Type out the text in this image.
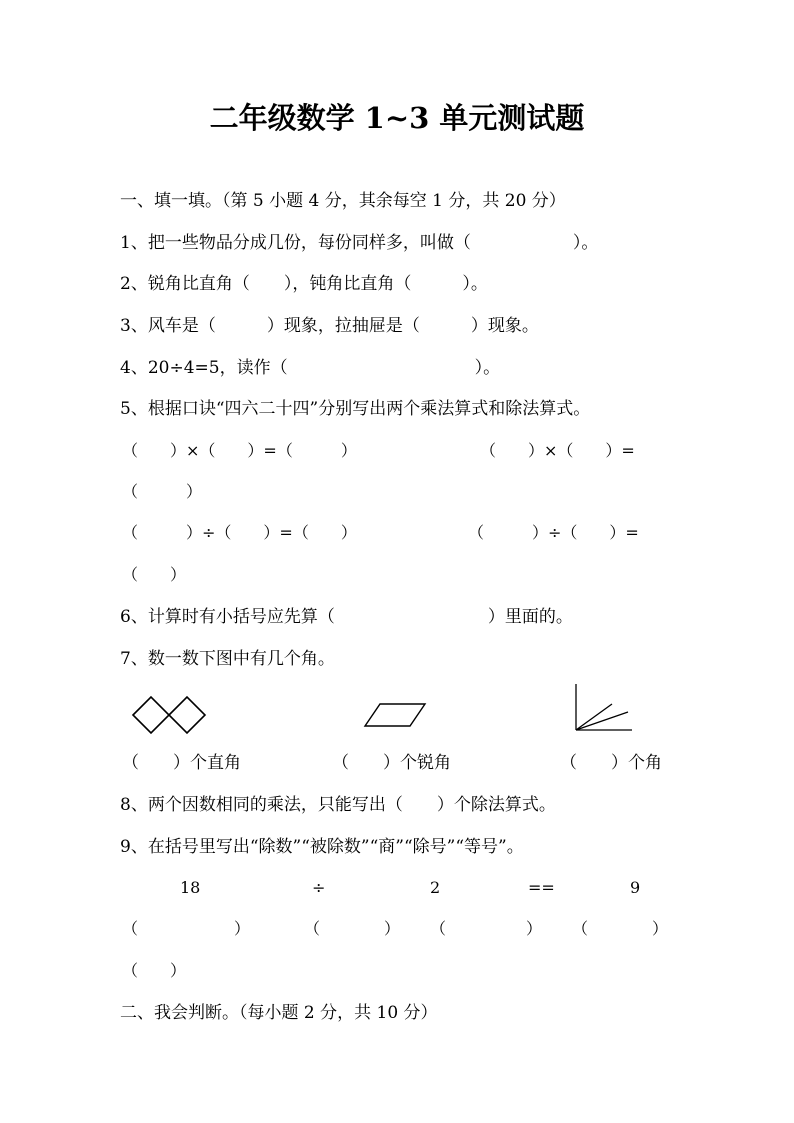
二年级数学 1~3 单元测试题
一、填一填。（第 5 小题 4 分，其余每空 1 分，共 20 分）
1、把一些物品分成几份，每份同样多，叫做（　　　　　　）。
2、锐角比直角（　　），钝角比直角（　　　）。
3、风车是（　　　）现象，拉抽屉是（　　　）现象。
4、20÷4=5，读作（　　　　　　　　　　　）。
5、根据口诀“四六二十四”分别写出两个乘法算式和除法算式。
（　　）×（　　）=（　　　）	（　　）×（　　）=
（　　　）
（　　　）÷（　　）=（　　）	（　　　）÷（　　）=
（　　）
6、计算时有小括号应先算（　　　　　　　　　）里面的。
7、数一数下图中有几个角。
（　　）个直角	（　　）个锐角	（　　）个角
8、两个因数相同的乘法，只能写出（　　）个除法算式。
9、在括号里写出“除数”“被除数”“商”“除号”“等号”。
18	÷	2	==	9
（　　　　　　）	（　　　　） （　　　　　） （　　　　）
（　　）
二、我会判断。（每小题 2 分，共 10 分）
